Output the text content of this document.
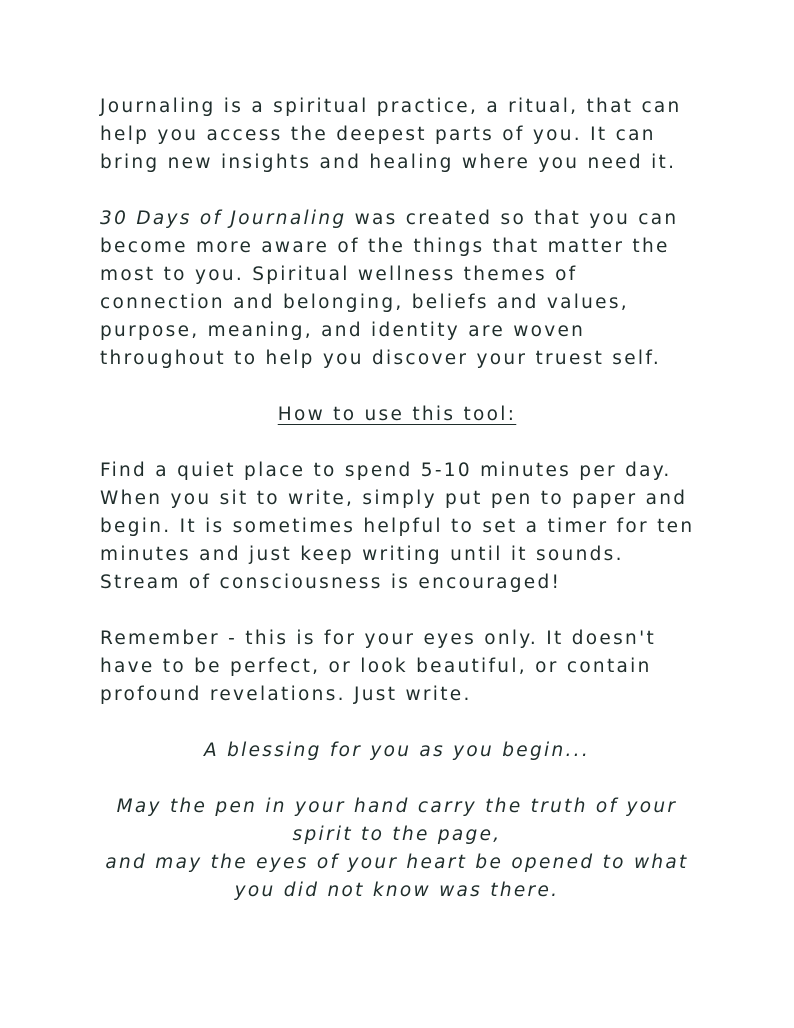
Journaling is a spiritual practice, a ritual, that can
help you access the deepest parts of you. It can
bring new insights and healing where you need it.

30 Days of Journaling was created so that you can
become more aware of the things that matter the
most to you. Spiritual wellness themes of
connection and belonging, beliefs and values,
purpose, meaning, and identity are woven
throughout to help you discover your truest self.

How to use this tool:

Find a quiet place to spend 5-10 minutes per day.
When you sit to write, simply put pen to paper and
begin. It is sometimes helpful to set a timer for ten
minutes and just keep writing until it sounds.
Stream of consciousness is encouraged!

Remember - this is for your eyes only. It doesn't
have to be perfect, or look beautiful, or contain
profound revelations. Just write.

A blessing for you as you begin...

May the pen in your hand carry the truth of your
spirit to the page,
and may the eyes of your heart be opened to what
you did not know was there.
